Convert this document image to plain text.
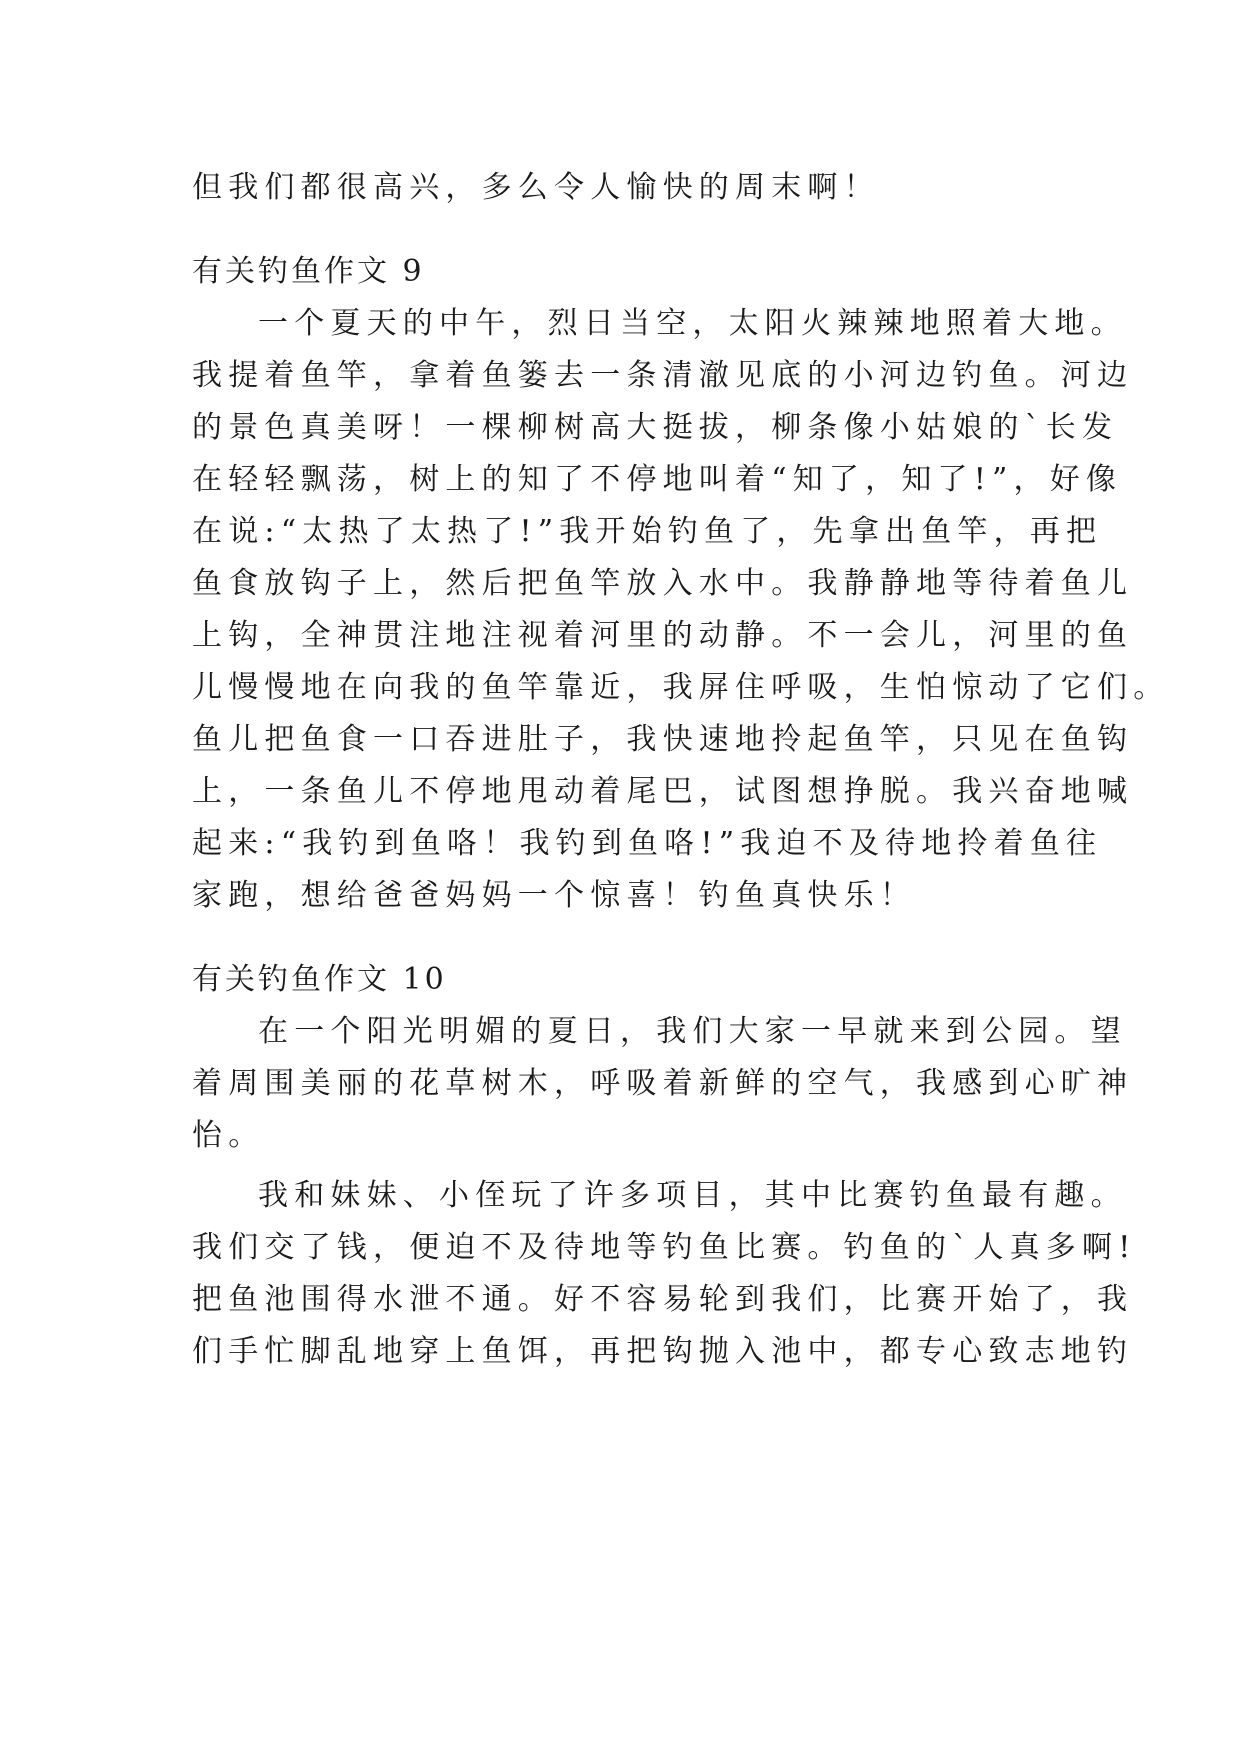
但我们都很高兴，多么令人愉快的周末啊！
有关钓鱼作文 9
一个夏天的中午，烈日当空，太阳火辣辣地照着大地。
我提着鱼竿，拿着鱼篓去一条清澈见底的小河边钓鱼。河边
的景色真美呀！一棵柳树高大挺拔，柳条像小姑娘的`长发
在轻轻飘荡，树上的知了不停地叫着“知了，知了!”，好像
在说:“太热了太热了!”我开始钓鱼了，先拿出鱼竿，再把
鱼食放钩子上，然后把鱼竿放入水中。我静静地等待着鱼儿
上钩，全神贯注地注视着河里的动静。不一会儿，河里的鱼
儿慢慢地在向我的鱼竿靠近，我屏住呼吸，生怕惊动了它们。
鱼儿把鱼食一口吞进肚子，我快速地拎起鱼竿，只见在鱼钩
上，一条鱼儿不停地甩动着尾巴，试图想挣脱。我兴奋地喊
起来:“我钓到鱼咯！我钓到鱼咯!”我迫不及待地拎着鱼往
家跑，想给爸爸妈妈一个惊喜！钓鱼真快乐！
有关钓鱼作文 10
在一个阳光明媚的夏日，我们大家一早就来到公园。望
着周围美丽的花草树木，呼吸着新鲜的空气，我感到心旷神
怡。
我和妹妹、小侄玩了许多项目，其中比赛钓鱼最有趣。
我们交了钱，便迫不及待地等钓鱼比赛。钓鱼的`人真多啊!
把鱼池围得水泄不通。好不容易轮到我们，比赛开始了，我
们手忙脚乱地穿上鱼饵，再把钩抛入池中，都专心致志地钓
